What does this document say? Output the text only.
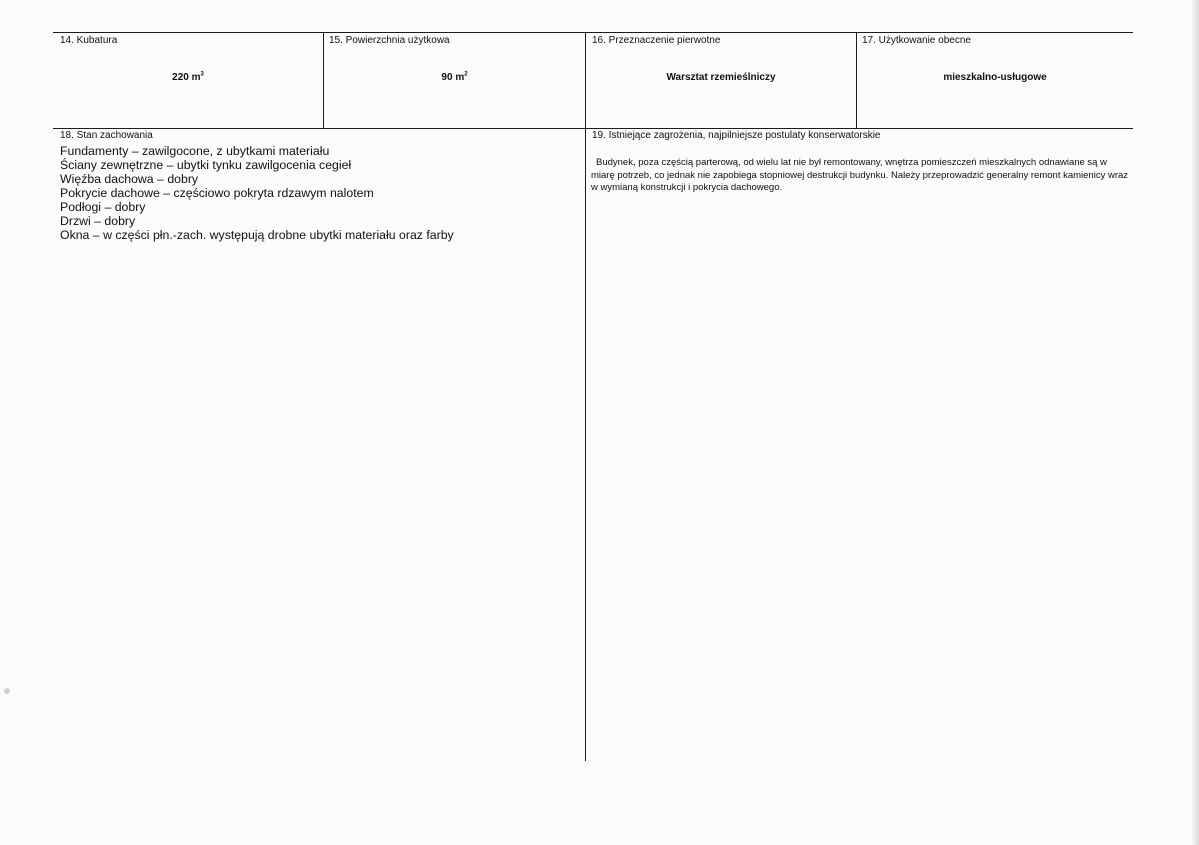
14. Kubatura
220 $m^3$
15. Powierzchnia użytkowa
90 $m^2$
16. Przeznaczenie pierwotne
Warsztat rzemieślniczy
17. Użytkowanie obecne
mieszkalno-usługowe
18. Stan zachowania
Fundamenty – zawilgocone, z ubytkami materiału
Ściany zewnętrzne – ubytki tynku zawilgocenia cegieł
Więźba dachowa – dobry
Pokrycie dachowe – częściowo pokryta rdzawym nalotem
Podłogi – dobry
Drzwi – dobry
Okna – w części płn.-zach. występują drobne ubytki materiału oraz farby
19. Istniejące zagrożenia, najpilniejsze postulaty konserwatorskie

Budynek, poza częścią parterową, od wielu lat nie był remontowany, wnętrza pomieszczeń mieszkalnych odnawiane są w miarę potrzeb, co jednak nie zapobiega stopniowej destrukcji budynku. Należy przeprowadzić generalny remont kamienicy wraz w wymianą konstrukcji i pokrycia dachowego.
